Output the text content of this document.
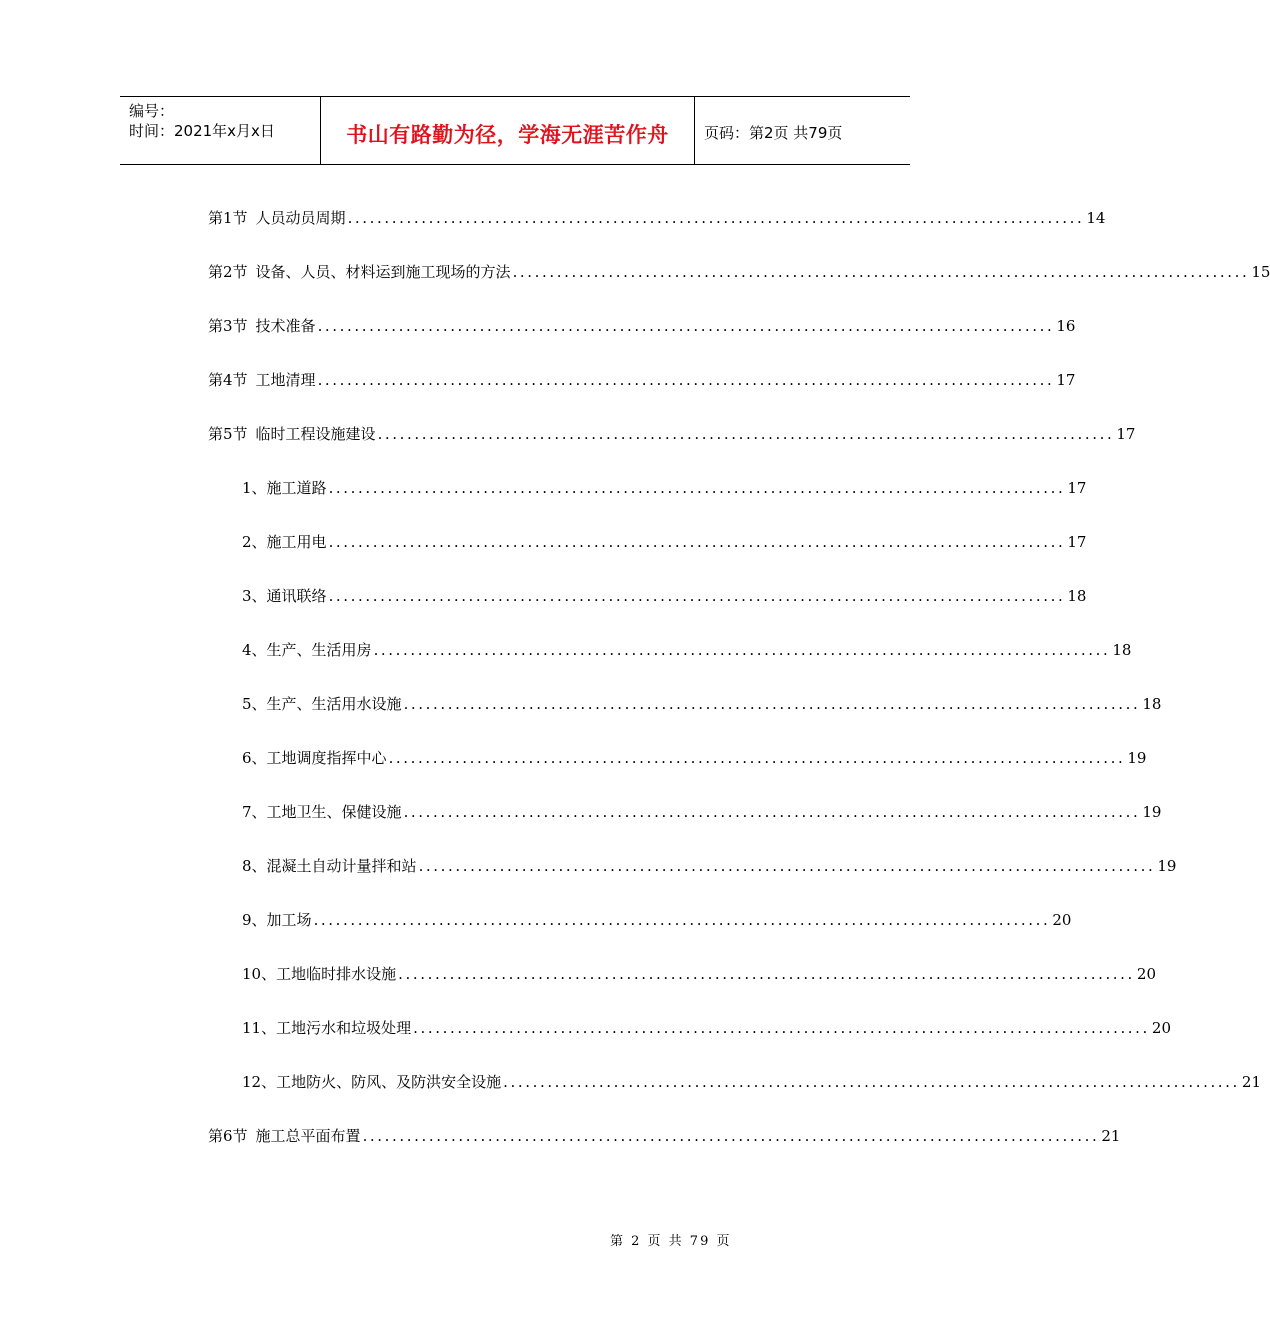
编号：
时间：2021年x月x日	书山有路勤为径，学海无涯苦作舟	页码：第2页 共79页
第1节 人员动员周期 .................................................................................................... 14
第2节 设备、人员、材料运到施工现场的方法 .................................................................................................... 15
第3节 技术准备 .................................................................................................... 16
第4节 工地清理 .................................................................................................... 17
第5节 临时工程设施建设 .................................................................................................... 17
1、 施工道路 .................................................................................................... 17
2、 施工用电 .................................................................................................... 17
3、 通讯联络 .................................................................................................... 18
4、 生产、生活用房 .................................................................................................... 18
5、 生产、生活用水设施 .................................................................................................... 18
6、 工地调度指挥中心 .................................................................................................... 19
7、 工地卫生、保健设施 .................................................................................................... 19
8、 混凝土自动计量拌和站 .................................................................................................... 19
9、 加工场 .................................................................................................... 20
10、 工地临时排水设施 .................................................................................................... 20
11、 工地污水和垃圾处理 .................................................................................................... 20
12、 工地防火、防风、及防洪安全设施 .................................................................................................... 21
第6节 施工总平面布置 .................................................................................................... 21
第 2 页 共 79 页
